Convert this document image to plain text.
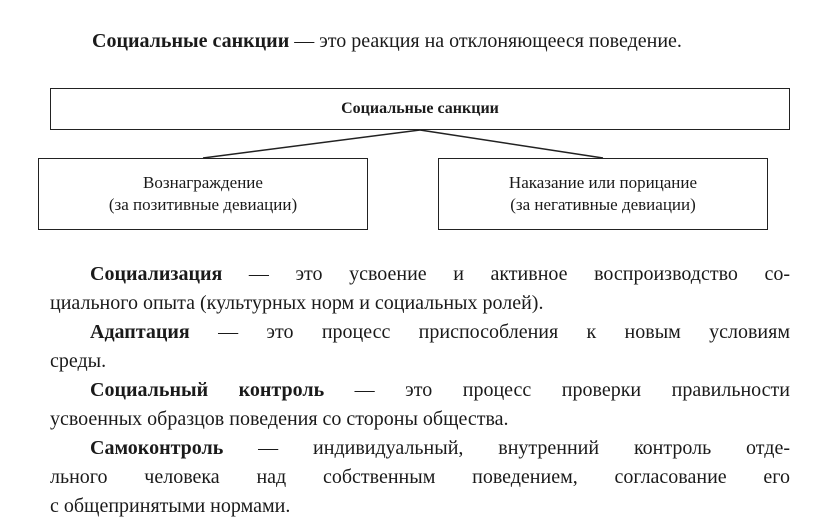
Социальные санкции — это реакция на отклоняющееся поведение.
Социальные санкции
Вознаграждение
(за позитивные девиации)
Наказание или порицание
(за негативные девиации)
Социализация — это усвоение и активное воспроизводство со-
циального опыта (культурных норм и социальных ролей).
Адаптация — это процесс приспособления к новым условиям
среды.
Социальный контроль — это процесс проверки правильности
усвоенных образцов поведения со стороны общества.
Самоконтроль — индивидуальный, внутренний контроль отде-
льного человека над собственным поведением, согласование его
с общепринятыми нормами.
